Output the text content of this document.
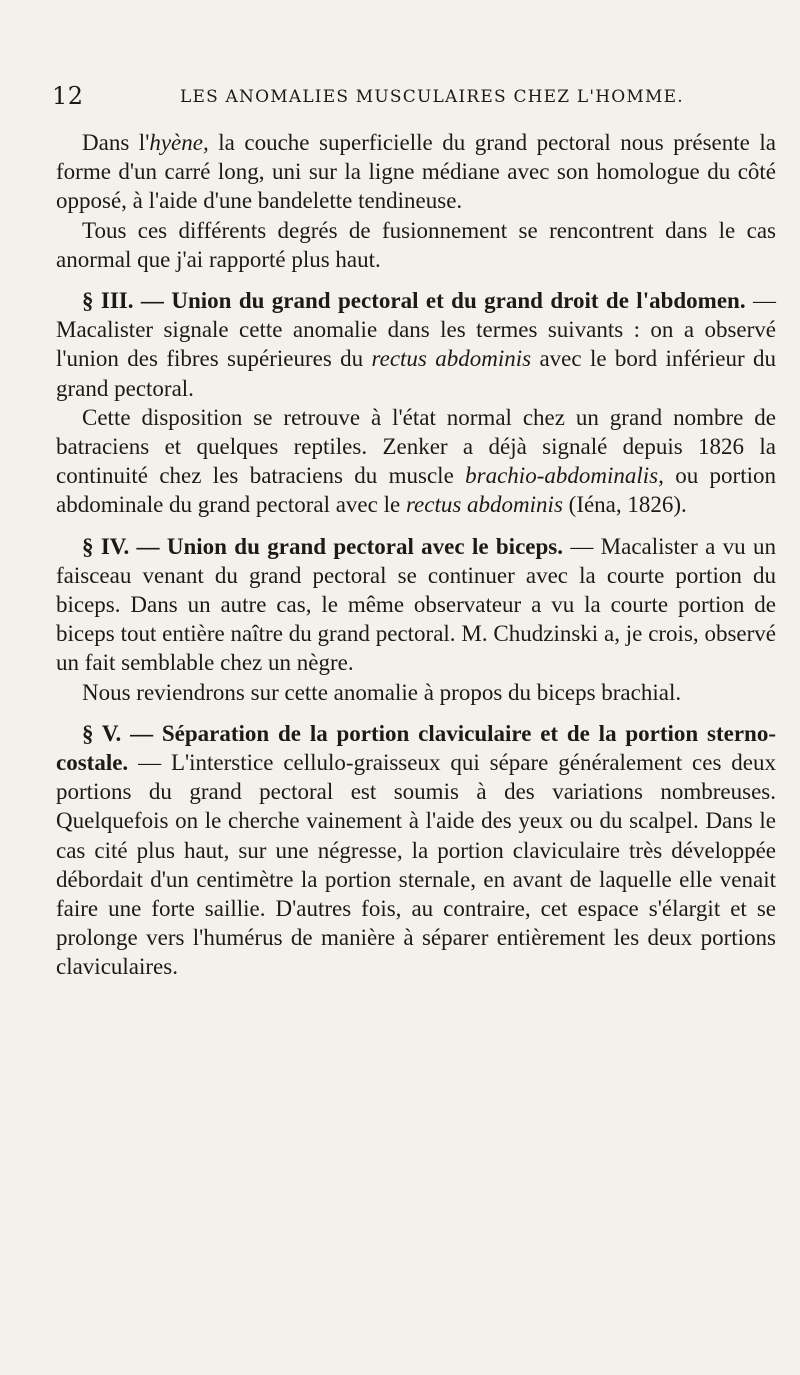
12	LES ANOMALIES MUSCULAIRES CHEZ L'HOMME.

Dans l'hyène, la couche superficielle du grand pectoral nous présente la forme d'un carré long, uni sur la ligne médiane avec son homologue du côté opposé, à l'aide d'une bandelette tendineuse.

Tous ces différents degrés de fusionnement se rencontrent dans le cas anormal que j'ai rapporté plus haut.

§ III. — Union du grand pectoral et du grand droit de l'abdomen. — Macalister signale cette anomalie dans les termes suivants : on a observé l'union des fibres supérieures du rectus abdominis avec le bord inférieur du grand pectoral.

Cette disposition se retrouve à l'état normal chez un grand nombre de batraciens et quelques reptiles. Zenker a déjà signalé depuis 1826 la continuité chez les batraciens du muscle brachio-abdominalis, ou portion abdominale du grand pectoral avec le rectus abdominis (Iéna, 1826).

§ IV. — Union du grand pectoral avec le biceps. — Macalister a vu un faisceau venant du grand pectoral se continuer avec la courte portion du biceps. Dans un autre cas, le même observateur a vu la courte portion de biceps tout entière naître du grand pectoral. M. Chudzinski a, je crois, observé un fait semblable chez un nègre.

Nous reviendrons sur cette anomalie à propos du biceps brachial.

§ V. — Séparation de la portion claviculaire et de la portion sterno-costale. — L'interstice cellulo-graisseux qui sépare généralement ces deux portions du grand pectoral est soumis à des variations nombreuses. Quelquefois on le cherche vainement à l'aide des yeux ou du scalpel. Dans le cas cité plus haut, sur une négresse, la portion claviculaire très développée débordait d'un centimètre la portion sternale, en avant de laquelle elle venait faire une forte saillie. D'autres fois, au contraire, cet espace s'élargit et se prolonge vers l'humérus de manière à séparer entièrement les deux portions claviculaires.
